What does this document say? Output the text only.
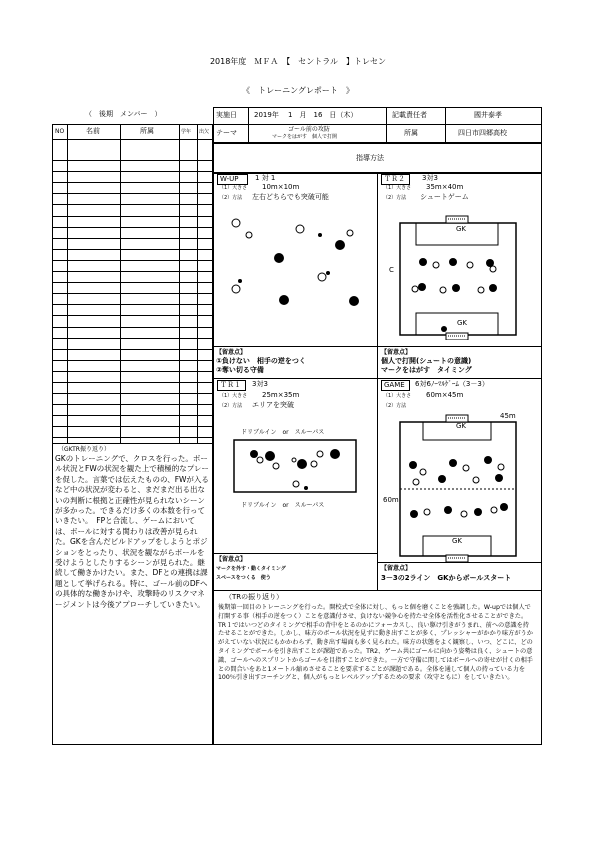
2018年度　ＭＦＡ　【　セントラル　】トレセン
《　トレーニングレポート　》
（　後期　メンバー　）
NO	名前	所属	学年 出欠
（GKTR振り返り）
GKのトレーニングで、クロスを行った。ボール状況とFWの状況を観た上で積極的なプレーを促した。言葉では伝えたものの、FWが入るなど中の状況が変わると、まだまだ出る出ないの判断に根拠と正確性が見られないシーンが多かった。できるだけ多くの本数を行っていきたい。　FPと合流し、ゲームにおいては、ボールに対する関わりは改善が見られた。GKを含んだビルドアップをしようとポジションをとったり、状況を観ながらボールを受けようとしたりするシーンが見られた。継続して働きかけたい。また、DFとの連携は課題として挙げられる。特に、ゴール前のDFへの具体的な働きかけや、攻撃時のリスクマネージメントは今後アプローチしていきたい。
実施日 2019年　 1　月　16　日（木）	記載責任者	國井泰孝
テーマ	ゴール前の攻防
マークをはがす　個人で打開	所属	四日市四郷高校
指導方法
W-UP	1 対 1
（1）大きさ 10m×10m
（2）方法 左右どちらでも突破可能
【留意点】
①負けない　相手の逆をつく
②奪い切る守備
ＴＲ２	3対3
（1）大きさ 35m×40m
（2）方法 シュートゲーム
GK
GK
C
【留意点】
個人で打開(シュートの意識)
マークをはがす　タイミング
ＴＲ１	3対3
（1）大きさ 25m×35m
（2）方法 エリアを突破
ドリブルイン　or　スルーパス
ドリブルイン　or　スルーパス
【留意点】
マークを外す・動くタイミング
スペースをつくる　使う
GAME	6対6ﾉｰﾏﾙｹﾞｰﾑ（3－3）
（1）大きさ 60m×45m
（2）方法
45m
GK
60m
GK
【留意点】
3－3の2ライン　GKからボールスタート
（TRの振り返り）
後期第一回目のトレーニングを行った。開校式で全体に対し、もっと個を磨くことを強調した。W-upでは個人で打開する事（相手の逆をつく）ことを意識付させ、負けない競争心を持たせ全体を活性化させることができた。TR１ではいつどのタイミングで相手の背中をとるのかにフォーカスし、良い駆け引きがうまれ、前への意識を持たせることができた。しかし、味方のボール状況を見ずに動き出すことが多く、プレッシャーがかかり味方がうかがえていない状況にもかかわらず、動き出す場面も多く見られた。味方の状態をよく観察し、いつ、どこに、どのタイミングでボールを引き出すことが課題であった。TR2、ゲーム共にゴールに向かう姿勢は良く、シュートの意識、ゴールへのスプリントからゴールを目指すことができた。一方で守備に関してはボールへの寄せが甘くの相手との間合いをあと1メートル縮めさせることを要求することが課題である。全体を通して個人の持っている力を100％引き出すコーチングと、個人がもっとレベルアップするための要求（攻守ともに）をしていきたい。
